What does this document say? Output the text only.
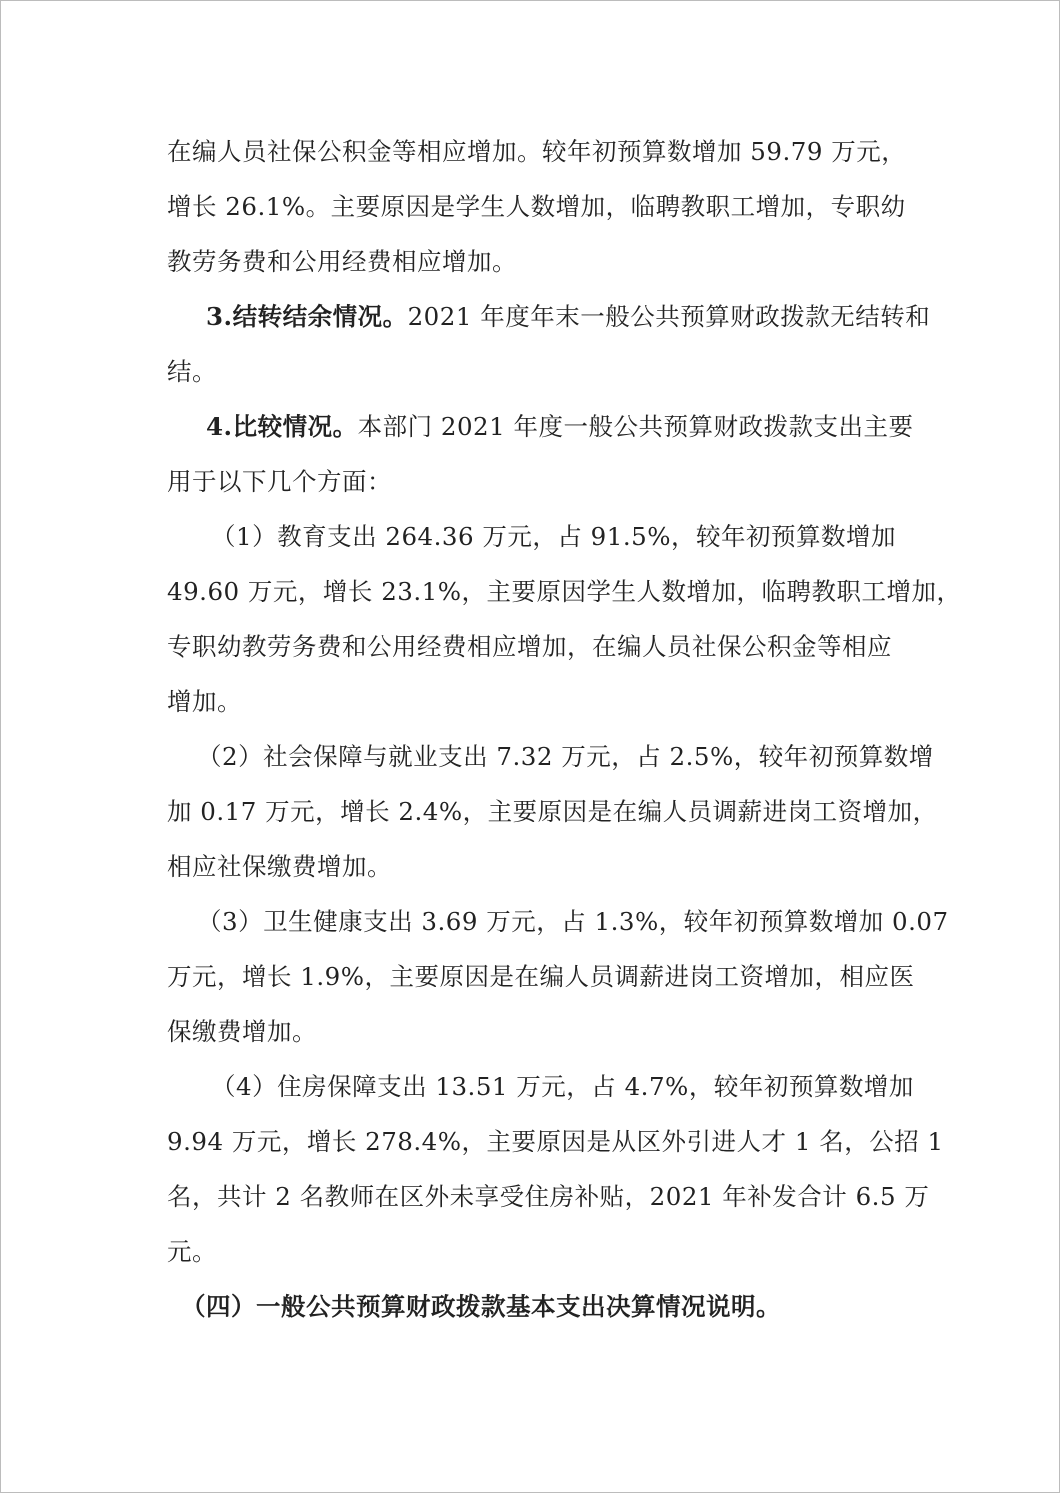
在编人员社保公积金等相应增加。较年初预算数增加 59.79 万元，
增长 26.1%。主要原因是学生人数增加，临聘教职工增加，专职幼
教劳务费和公用经费相应增加。
3.结转结余情况。2021 年度年末一般公共预算财政拨款无结转和
结。
4.比较情况。本部门 2021 年度一般公共预算财政拨款支出主要
用于以下几个方面：
（1）教育支出 264.36 万元，占 91.5%，较年初预算数增加
49.60 万元，增长 23.1%，主要原因学生人数增加，临聘教职工增加，
专职幼教劳务费和公用经费相应增加，在编人员社保公积金等相应
增加。
（2）社会保障与就业支出 7.32 万元，占 2.5%，较年初预算数增
加 0.17 万元，增长 2.4%，主要原因是在编人员调薪进岗工资增加，
相应社保缴费增加。
（3）卫生健康支出 3.69 万元，占 1.3%，较年初预算数增加 0.07
万元，增长 1.9%，主要原因是在编人员调薪进岗工资增加，相应医
保缴费增加。
（4）住房保障支出 13.51 万元，占 4.7%，较年初预算数增加
9.94 万元，增长 278.4%，主要原因是从区外引进人才 1 名，公招 1
名，共计 2 名教师在区外未享受住房补贴，2021 年补发合计 6.5 万
元。
（四）一般公共预算财政拨款基本支出决算情况说明。
